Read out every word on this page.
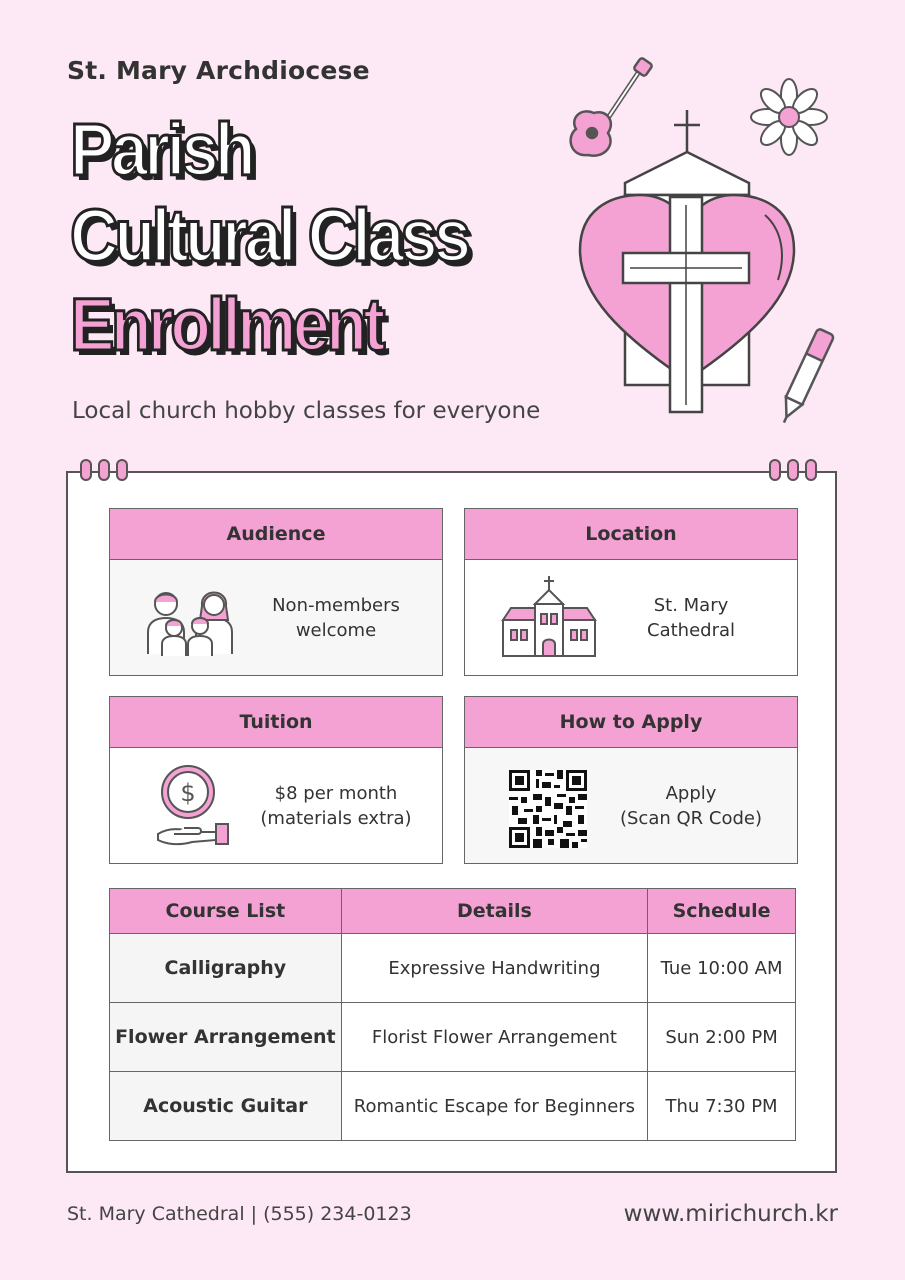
St. Mary Archdiocese
Parish
Cultural Class
Enrollment
Local church hobby classes for everyone
Audience
Non-members
welcome
Location
St. Mary
Cathedral
Tuition
$	$8 per month
(materials extra)
How to Apply
Apply
(Scan QR Code)
Course List	Details	Schedule
Calligraphy	Expressive Handwriting	Tue 10:00 AM
Flower Arrangement	Florist Flower Arrangement	Sun 2:00 PM
Acoustic Guitar	Romantic Escape for Beginners	Thu 7:30 PM
St. Mary Cathedral | (555) 234-0123	www.mirichurch.kr
